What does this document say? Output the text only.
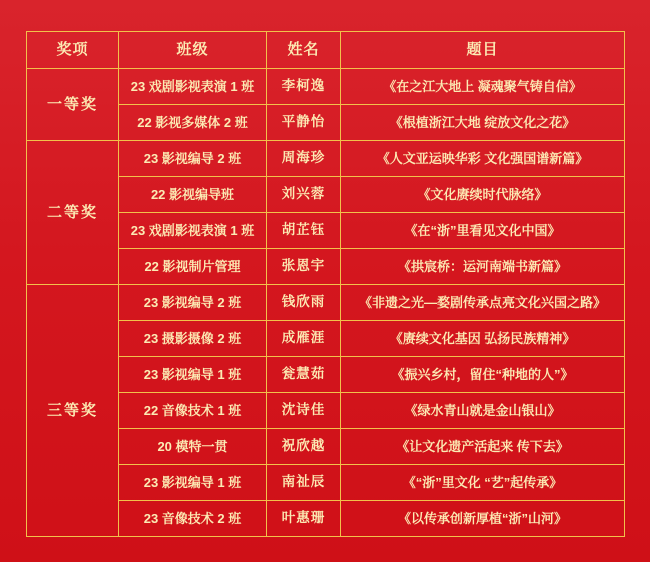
奖项	班级	姓名	题目
一等奖	23 戏剧影视表演 1 班	李柯逸	《在之江大地上 凝魂聚气铸自信》
	22 影视多媒体 2 班	平静怡	《根植浙江大地 绽放文化之花》
二等奖	23 影视编导 2 班	周海珍	《人文亚运映华彩 文化强国谱新篇》
	22 影视编导班	刘兴蓉	《文化赓续时代脉络》
	23 戏剧影视表演 1 班	胡芷钰	《在“浙”里看见文化中国》
	22 影视制片管理	张恩宇	《拱宸桥：运河南端书新篇》
三等奖	23 影视编导 2 班	钱欣雨	《非遗之光—婺剧传承点亮文化兴国之路》
	23 摄影摄像 2 班	成雁涯	《赓续文化基因 弘扬民族精神》
	23 影视编导 1 班	瓮慧茹	《振兴乡村，留住“种地的人”》
	22 音像技术 1 班	沈诗佳	《绿水青山就是金山银山》
	20 模特一贯	祝欣越	《让文化遗产活起来 传下去》
	23 影视编导 1 班	南祉辰	《“浙”里文化 “艺”起传承》
	23 音像技术 2 班	叶惠珊	《以传承创新厚植“浙”山河》
